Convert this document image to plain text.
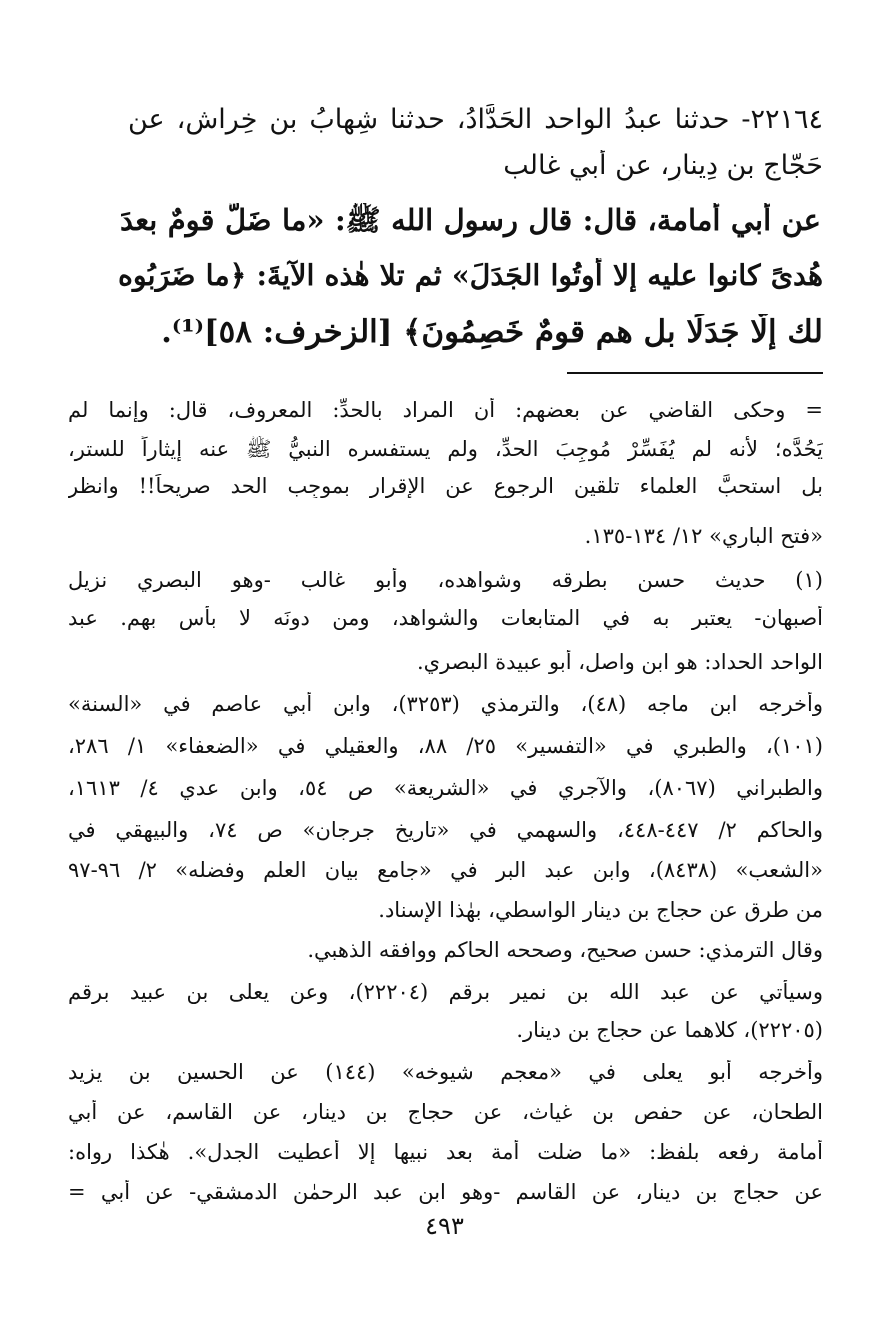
٢٢١٦٤- حدثنا عبدُ الواحد الحَدَّادُ، حدثنا شِهابُ بن خِراشٍ، عن
حَجّاج بن دِينارٍ، عن أَبي غالب
عن أَبي أُمامة، قال: قال رسول الله ﷺ: «ما ضَلَّ قومٌ بعدَ
هُدىً كانوا عليه إلا أُوتُوا الجَدَلَ» ثم تلا هٰذه الآيةَ: ﴿ما ضَرَبُوه
لك إِلَّا جَدَلًا بل هم قومٌ خَصِمُونَ﴾ [الزخرف: ٥٨]⁽¹⁾.
= وحكى القاضي عن بعضهم: أن المراد بالحدِّ: المعروف، قال: وإنما لم
يَحُدَّه؛ لأنه لم يُفَسِّرْ مُوجِبَ الحدِّ، ولم يستفسره النبيُّ ﷺ عنه إيثاراً للستر،
بل استحبَّ العلماء تلقين الرجوعِ عن الإقرار بموجِب الحد صريحاً!! وانظر
«فتح الباري» ١٢/ ١٣٤-١٣٥.
(١) حديث حسن بطرقه وشواهده، وأبو غالب -وهو البصري نزيل
أصبهان- يعتبر به في المتابعات والشواهد، ومن دونَه لا بأس بهم. عبد
الواحد الحداد: هو ابن واصل، أبو عبيدة البصري.
وأخرجه ابن ماجه (٤٨)، والترمذي (٣٢٥٣)، وابن أبي عاصم في «السنة»
(١٠١)، والطبري في «التفسير» ٢٥/ ٨٨، والعقيلي في «الضعفاء» ١/ ٢٨٦،
والطبراني (٨٠٦٧)، والآجري في «الشريعة» ص ٥٤، وابن عدي ٤/ ١٦١٣،
والحاكم ٢/ ٤٤٧-٤٤٨، والسهمي في «تاريخ جرجان» ص ٧٤، والبيهقي في
«الشعب» (٨٤٣٨)، وابن عبد البر في «جامع بيان العلم وفضله» ٢/ ٩٦-٩٧
من طرق عن حجاج بن دينار الواسطي، بهٰذا الإسناد.
وقال الترمذي: حسن صحيح، وصححه الحاكم ووافقه الذهبي.
وسيأتي عن عبد الله بن نمير برقم (٢٢٢٠٤)، وعن يعلى بن عبيد برقم
(٢٢٢٠٥)، كلاهما عن حجاج بن دينار.
وأخرجه أبو يعلى في «معجم شيوخه» (١٤٤) عن الحسين بن يزيد
الطحان، عن حفص بن غياث، عن حجاج بن دينار، عن القاسم، عن أبي
أمامة رفعه بلفظ: «ما ضلت أمة بعد نبيها إلا أعطيت الجدل». هٰكذا رواه:
عن حجاج بن دينار، عن القاسم -وهو ابن عبد الرحمٰن الدمشقي- عن أبي =
٤٩٣
